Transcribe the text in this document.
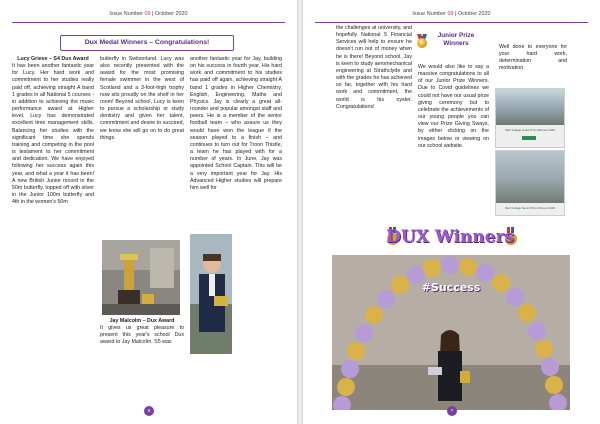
Issue Number 09 | October 2020
Dux Medal Winners – Congratulations!
Lucy Grieve – S4 Dux Award
It has been another fantastic year for Lucy. Her hard work and commitment to her studies really paid off, achieving straight A band 1 grades in all National 5 courses - in addition to achieving the music performance award at Higher level. Lucy has demonstrated excellent time management skills. Balancing her studies with the significant time she spends training and competing in the pool is testament to her commitment and dedication. We have enjoyed following her success again this year, and what a year it has been! A new British Junior record in the 50m butterfly, topped off with silver in the Junior 100m butterfly and 4th in the women's 50m
butterfly in Switzerland. Lucy was also recently presented with the award for the most promising female swimmer in the west of Scotland and a 3-foot-high trophy now sits proudly on the shelf in her room! Beyond school, Lucy is keen to pursue a scholarship or study dentistry and given her talent, commitment and desire to succeed, we know she will go on to do great things.
Jay Malcolm – Dux Award
It gives us great pleasure to present this year's school Dux award to Jay Malcolm. S5 was
another fantastic year for Jay, building on his success in fourth year. His hard work and commitment to his studies has paid off again, achieving straight A band 1 grades in Higher Chemistry, English, Engineering, Maths and Physics. Jay is clearly a great all-rounder and popular amongst staff and peers. He is a member of the senior football team – who assure us they would have won the league if the season played to a finish – and continues to turn out for Troon Thistle, a team he has played with for a number of years. In June, Jay was appointed School Captain. This will be a very important year for Jay. His Advanced Higher studies will prepare him well for
6
Issue Number 09 | October 2020
the challenges at university, and hopefully National 5 Financial Services will help to ensure he doesn't run out of money when he is there! Beyond school, Jay is keen to study aeromechanical engineering at Strathclyde and with the grades he has achieved so far, together with his hard work and commitment, the world is his oyster. Congratulations!
Junior Prize Winners
We would also like to say a massive congratulations to all of our Junior Prize Winners. Due to Covid guidelines we could not have our usual prize giving ceremony but to celebrate the achievements of our young people you can view our Prize Giving Sways, by either clicking on the images below or viewing on our school website.
Well done to everyone for your hard work, determination and motivation.
Marr College Junior Prize Winners 2020
Marr College Senior Prize Winners 2020
DUX Winners
#Success
7
